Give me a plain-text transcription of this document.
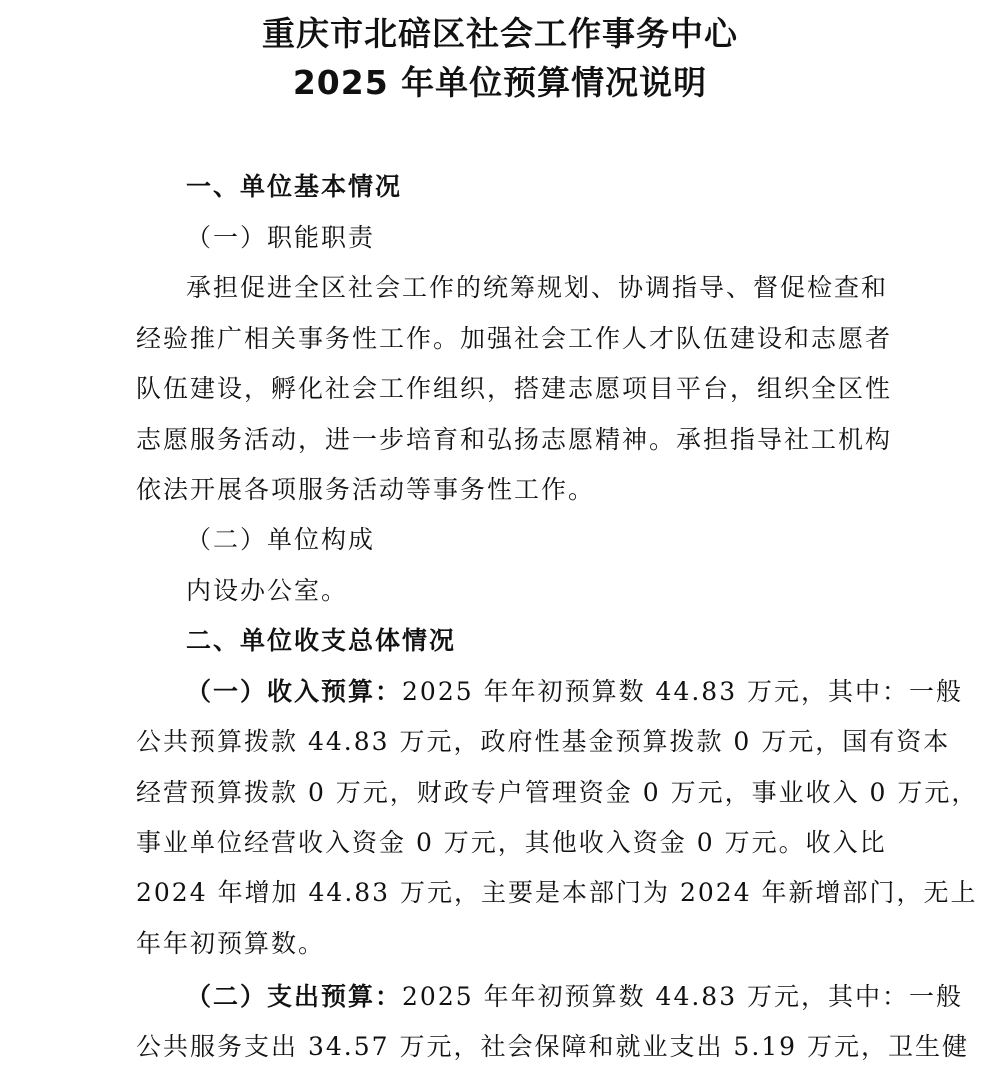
重庆市北碚区社会工作事务中心
2025 年单位预算情况说明
一、单位基本情况
（一）职能职责
承担促进全区社会工作的统筹规划、协调指导、督促检查和
经验推广相关事务性工作。加强社会工作人才队伍建设和志愿者
队伍建设，孵化社会工作组织，搭建志愿项目平台，组织全区性
志愿服务活动，进一步培育和弘扬志愿精神。承担指导社工机构
依法开展各项服务活动等事务性工作。
（二）单位构成
内设办公室。
二、单位收支总体情况
（一）收入预算： 2025 年年初预算数 44.83 万元，其中：一般
公共预算拨款 44.83 万元，政府性基金预算拨款 0 万元，国有资本
经营预算拨款 0 万元，财政专户管理资金 0 万元，事业收入 0 万元，
事业单位经营收入资金 0 万元，其他收入资金 0 万元。收入比
2024 年增加 44.83 万元，主要是本部门为 2024 年新增部门，无上
年年初预算数。
（二）支出预算： 2025 年年初预算数 44.83 万元，其中：一般
公共服务支出 34.57 万元，社会保障和就业支出 5.19 万元，卫生健
